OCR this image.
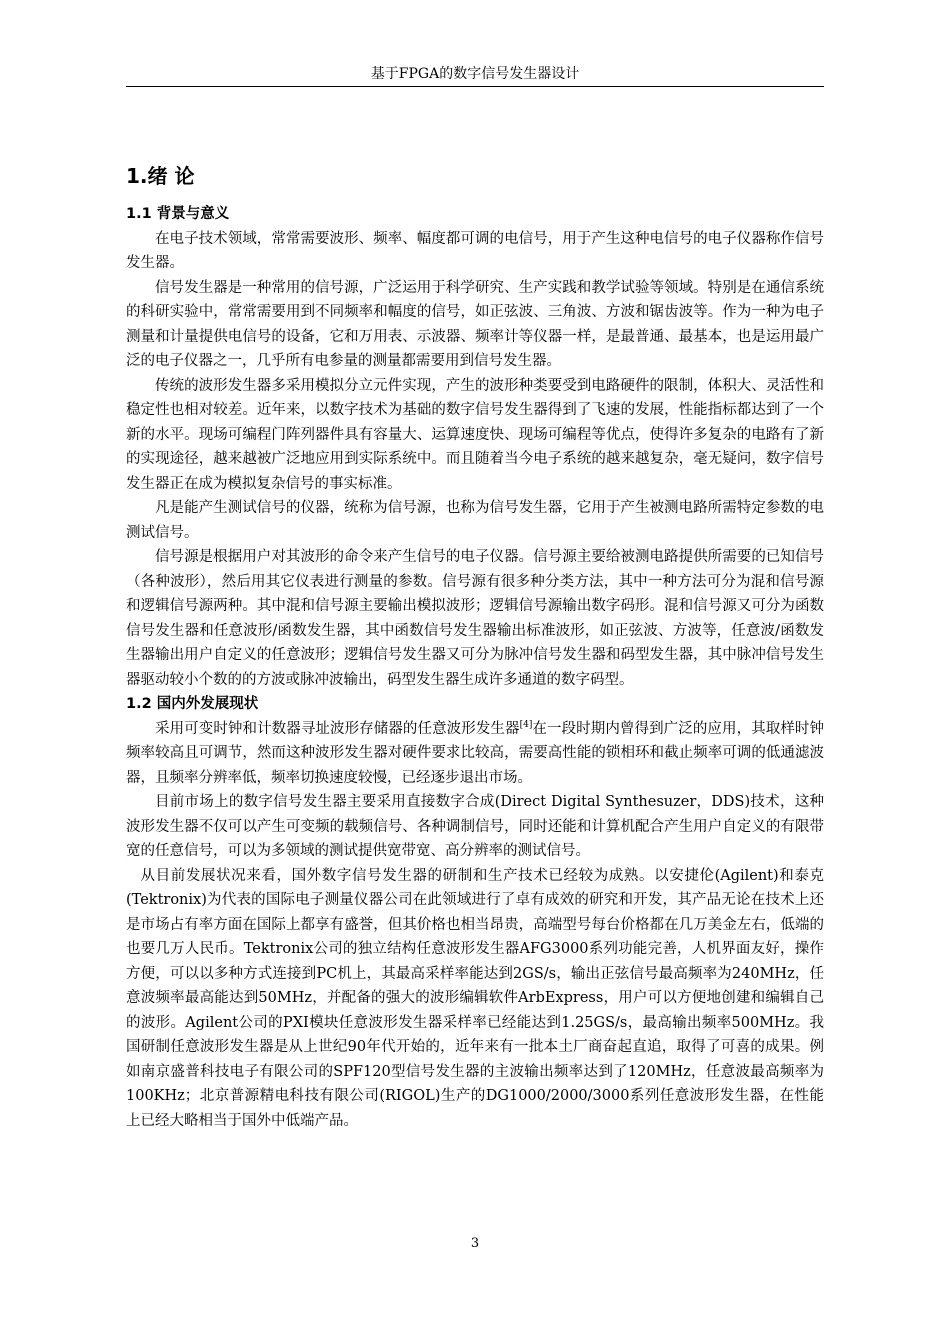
基于FPGA的数字信号发生器设计
1.绪 论
1.1 背景与意义

在电子技术领域，常常需要波形、频率、幅度都可调的电信号，用于产生这种电信号的电子仪器称作信号发生器。

信号发生器是一种常用的信号源，广泛运用于科学研究、生产实践和教学试验等领域。特别是在通信系统的科研实验中，常常需要用到不同频率和幅度的信号，如正弦波、三角波、方波和锯齿波等。作为一种为电子测量和计量提供电信号的设备，它和万用表、示波器、频率计等仪器一样，是最普通、最基本，也是运用最广泛的电子仪器之一，几乎所有电参量的测量都需要用到信号发生器。

传统的波形发生器多采用模拟分立元件实现，产生的波形种类要受到电路硬件的限制，体积大、灵活性和稳定性也相对较差。近年来，以数字技术为基础的数字信号发生器得到了飞速的发展，性能指标都达到了一个新的水平。现场可编程门阵列器件具有容量大、运算速度快、现场可编程等优点，使得许多复杂的电路有了新的实现途径，越来越被广泛地应用到实际系统中。而且随着当今电子系统的越来越复杂，毫无疑问，数字信号发生器正在成为模拟复杂信号的事实标准。

凡是能产生测试信号的仪器，统称为信号源，也称为信号发生器，它用于产生被测电路所需特定参数的电测试信号。

信号源是根据用户对其波形的命令来产生信号的电子仪器。信号源主要给被测电路提供所需要的已知信号（各种波形），然后用其它仪表进行测量的参数。信号源有很多种分类方法，其中一种方法可分为混和信号源和逻辑信号源两种。其中混和信号源主要输出模拟波形；逻辑信号源输出数字码形。混和信号源又可分为函数信号发生器和任意波形/函数发生器，其中函数信号发生器输出标准波形，如正弦波、方波等，任意波/函数发生器输出用户自定义的任意波形；逻辑信号发生器又可分为脉冲信号发生器和码型发生器，其中脉冲信号发生器驱动较小个数的的方波或脉冲波输出，码型发生器生成许多通道的数字码型。

1.2 国内外发展现状

采用可变时钟和计数器寻址波形存储器的任意波形发生器[4]在一段时期内曾得到广泛的应用，其取样时钟频率较高且可调节，然而这种波形发生器对硬件要求比较高，需要高性能的锁相环和截止频率可调的低通滤波器，且频率分辨率低，频率切换速度较慢，已经逐步退出市场。

目前市场上的数字信号发生器主要采用直接数字合成(Direct Digital Synthesuzer，DDS)技术，这种波形发生器不仅可以产生可变频的载频信号、各种调制信号，同时还能和计算机配合产生用户自定义的有限带宽的任意信号，可以为多领域的测试提供宽带宽、高分辨率的测试信号。

从目前发展状况来看，国外数字信号发生器的研制和生产技术已经较为成熟。以安捷伦(Agilent)和泰克(Tektronix)为代表的国际电子测量仪器公司在此领域进行了卓有成效的研究和开发，其产品无论在技术上还是市场占有率方面在国际上都享有盛誉，但其价格也相当昂贵，高端型号每台价格都在几万美金左右，低端的也要几万人民币。Tektronix公司的独立结构任意波形发生器AFG3000系列功能完善，人机界面友好，操作方便，可以以多种方式连接到PC机上，其最高采样率能达到2GS/s，输出正弦信号最高频率为240MHz，任意波频率最高能达到50MHz，并配备的强大的波形编辑软件ArbExpress，用户可以方便地创建和编辑自己的波形。Agilent公司的PXI模块任意波形发生器采样率已经能达到1.25GS/s，最高输出频率500MHz。我国研制任意波形发生器是从上世纪90年代开始的，近年来有一批本土厂商奋起直追，取得了可喜的成果。例如南京盛普科技电子有限公司的SPF120型信号发生器的主波输出频率达到了120MHz，任意波最高频率为100KHz；北京普源精电科技有限公司(RIGOL)生产的DG1000/2000/3000系列任意波形发生器，在性能上已经大略相当于国外中低端产品。

3
